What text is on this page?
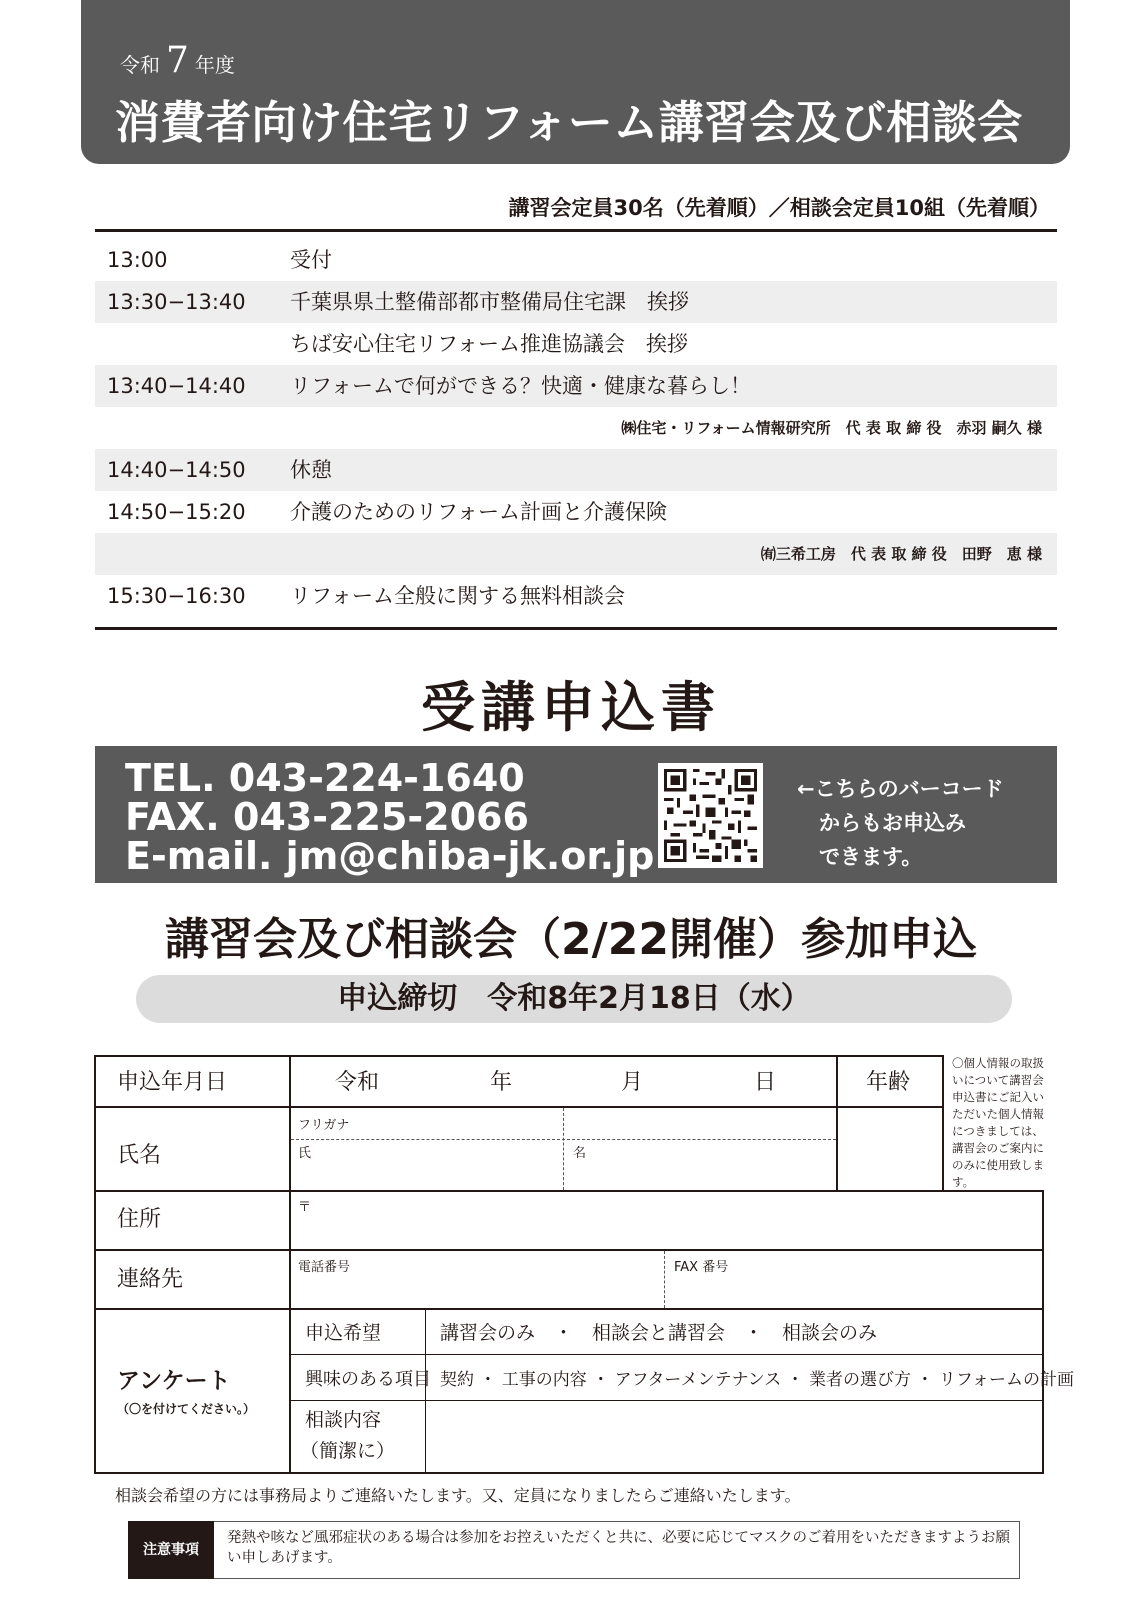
令和 7 年度
消費者向け住宅リフォーム講習会及び相談会
講習会定員30名（先着順）／相談会定員10組（先着順）
13:00	受付
13:30−13:40 千葉県県土整備部都市整備局住宅課　挨拶
ちば安心住宅リフォーム推進協議会　挨拶
13:40−14:40 リフォームで何ができる？快適・健康な暮らし！
㈱住宅・リフォーム情報研究所　代 表 取 締 役　赤羽 嗣久 様
14:40−14:50 休憩
14:50−15:20 介護のためのリフォーム計画と介護保険
㈲三希工房　代 表 取 締 役　田野　恵 様
15:30−16:30 リフォーム全般に関する無料相談会
受講申込書
TEL. 043-224-1640
FAX. 043-225-2066
E-mail. jm@chiba-jk.or.jp
←こちらのバーコード
からもお申込み
できます。
講習会及び相談会（2/22開催）参加申込
申込締切　令和8年2月18日（水）
申込年月日	令和	年	月	日	年齢
〇個人情報の取扱いについて講習会申込書にご記入いただいた個人情報につきましては、講習会のご案内にのみに使用致します。
氏名
フリガナ
氏	名
住所	〒
連絡先	電話番号	FAX 番号
アンケート
（〇を付けてください。）
申込希望	講習会のみ　・　相談会と講習会　・　相談会のみ
興味のある項目 契約 ・ 工事の内容 ・ アフターメンテナンス ・ 業者の選び方 ・ リフォームの計画
相談内容
（簡潔に）
相談会希望の方には事務局よりご連絡いたします。又、定員になりましたらご連絡いたします。
注意事項
発熱や咳など風邪症状のある場合は参加をお控えいただくと共に、必要に応じてマスクのご着用をいただきますようお願い申しあげます。
